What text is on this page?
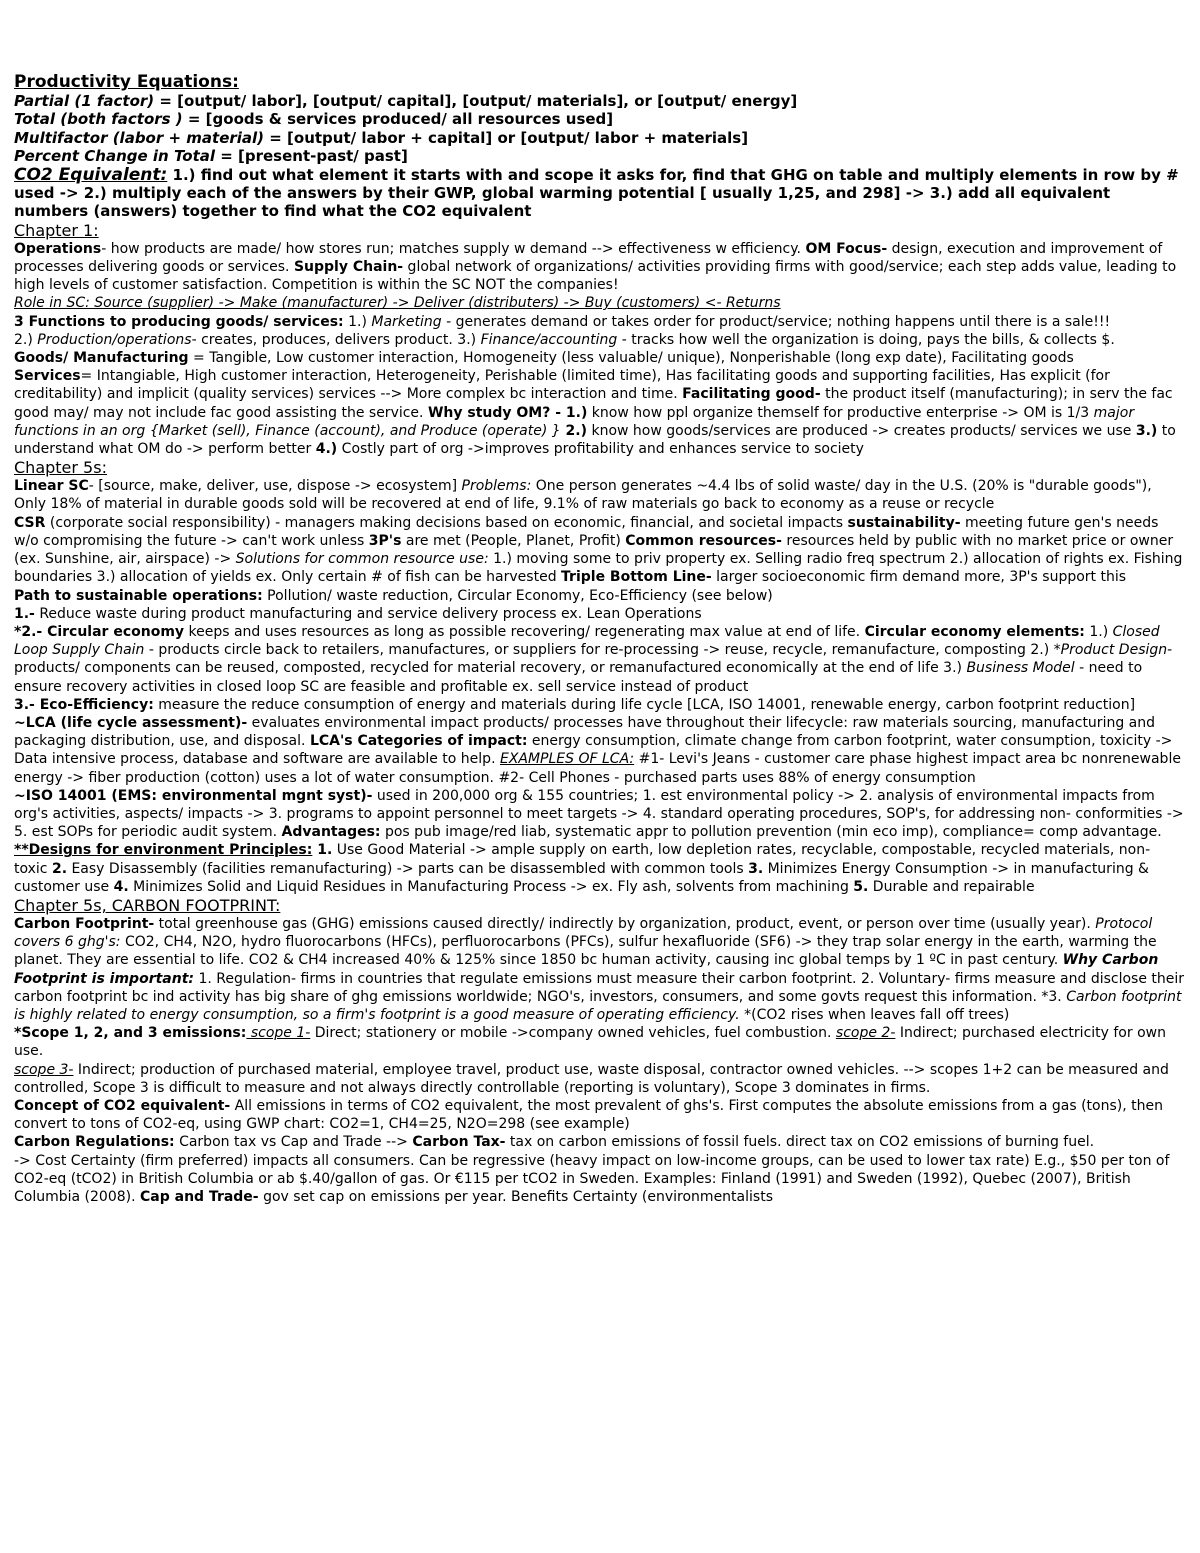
Productivity Equations:

Partial (1 factor) = [output/ labor], [output/ capital], [output/ materials], or [output/ energy]

Total (both factors ) = [goods & services produced/ all resources used]

Multifactor (labor + material) = [output/ labor + capital] or [output/ labor + materials]

Percent Change in Total = [present-past/ past]

CO2 Equivalent: 1.) find out what element it starts with and scope it asks for, find that GHG on table and multiply elements in row by # used -> 2.) multiply each of the answers by their GWP, global warming potential [ usually 1,25, and 298] -> 3.) add all equivalent numbers (answers) together to find what the CO2 equivalent

Chapter 1:

Operations- how products are made/ how stores run; matches supply w demand --> effectiveness w efficiency. OM Focus- design, execution and improvement of processes delivering goods or services. Supply Chain- global network of organizations/ activities providing firms with good/service; each step adds value, leading to high levels of customer satisfaction. Competition is within the SC NOT the companies!

Role in SC: Source (supplier) -> Make (manufacturer) -> Deliver (distributers) -> Buy (customers) <- Returns

3 Functions to producing goods/ services: 1.) Marketing - generates demand or takes order for product/service; nothing happens until there is a sale!!!

2.) Production/operations- creates, produces, delivers product. 3.) Finance/accounting - tracks how well the organization is doing, pays the bills, & collects $.

Goods/ Manufacturing = Tangible, Low customer interaction, Homogeneity (less valuable/ unique), Nonperishable (long exp date), Facilitating goods

Services= Intangiable, High customer interaction, Heterogeneity, Perishable (limited time), Has facilitating goods and supporting facilities, Has explicit (for creditability) and implicit (quality services) services --> More complex bc interaction and time. Facilitating good- the product itself (manufacturing); in serv the fac good may/ may not include fac good assisting the service. Why study OM? - 1.) know how ppl organize themself for productive enterprise -> OM is 1/3 major functions in an org {Market (sell), Finance (account), and Produce (operate) } 2.) know how goods/services are produced -> creates products/ services we use 3.) to understand what OM do -> perform better 4.) Costly part of org ->improves profitability and enhances service to society

Chapter 5s:

Linear SC- [source, make, deliver, use, dispose -> ecosystem] Problems: One person generates ~4.4 lbs of solid waste/ day in the U.S. (20% is "durable goods"), Only 18% of material in durable goods sold will be recovered at end of life, 9.1% of raw materials go back to economy as a reuse or recycle

CSR (corporate social responsibility) - managers making decisions based on economic, financial, and societal impacts sustainability- meeting future gen's needs w/o compromising the future -> can't work unless 3P's are met (People, Planet, Profit) Common resources- resources held by public with no market price or owner (ex. Sunshine, air, airspace) -> Solutions for common resource use: 1.) moving some to priv property ex. Selling radio freq spectrum 2.) allocation of rights ex. Fishing boundaries 3.) allocation of yields ex. Only certain # of fish can be harvested Triple Bottom Line- larger socioeconomic firm demand more, 3P's support this

Path to sustainable operations: Pollution/ waste reduction, Circular Economy, Eco-Efficiency (see below)

1.- Reduce waste during product manufacturing and service delivery process ex. Lean Operations

*2.- Circular economy keeps and uses resources as long as possible recovering/ regenerating max value at end of life. Circular economy elements: 1.) Closed Loop Supply Chain - products circle back to retailers, manufactures, or suppliers for re-processing -> reuse, recycle, remanufacture, composting 2.) *Product Design-products/ components can be reused, composted, recycled for material recovery, or remanufactured economically at the end of life 3.) Business Model - need to ensure recovery activities in closed loop SC are feasible and profitable ex. sell service instead of product

3.- Eco-Efficiency: measure the reduce consumption of energy and materials during life cycle [LCA, ISO 14001, renewable energy, carbon footprint reduction]

~LCA (life cycle assessment)- evaluates environmental impact products/ processes have throughout their lifecycle: raw materials sourcing, manufacturing and packaging distribution, use, and disposal. LCA's Categories of impact: energy consumption, climate change from carbon footprint, water consumption, toxicity -> Data intensive process, database and software are available to help. EXAMPLES OF LCA: #1- Levi's Jeans - customer care phase highest impact area bc nonrenewable energy -> fiber production (cotton) uses a lot of water consumption. #2- Cell Phones - purchased parts uses 88% of energy consumption

~ISO 14001 (EMS: environmental mgnt syst)- used in 200,000 org & 155 countries; 1. est environmental policy -> 2. analysis of environmental impacts from org's activities, aspects/ impacts -> 3. programs to appoint personnel to meet targets -> 4. standard operating procedures, SOP's, for addressing non- conformities ->

5. est SOPs for periodic audit system. Advantages: pos pub image/red liab, systematic appr to pollution prevention (min eco imp), compliance= comp advantage.

**Designs for environment Principles: 1. Use Good Material -> ample supply on earth, low depletion rates, recyclable, compostable, recycled materials, non- toxic 2. Easy Disassembly (facilities remanufacturing) -> parts can be disassembled with common tools 3. Minimizes Energy Consumption -> in manufacturing & customer use 4. Minimizes Solid and Liquid Residues in Manufacturing Process -> ex. Fly ash, solvents from machining 5. Durable and repairable

Chapter 5s, CARBON FOOTPRINT:

Carbon Footprint- total greenhouse gas (GHG) emissions caused directly/ indirectly by organization, product, event, or person over time (usually year). Protocol covers 6 ghg's: CO2, CH4, N2O, hydro fluorocarbons (HFCs), perfluorocarbons (PFCs), sulfur hexafluoride (SF6) -> they trap solar energy in the earth, warming the planet. They are essential to life. CO2 & CH4 increased 40% & 125% since 1850 bc human activity, causing inc global temps by 1 ºC in past century. Why Carbon Footprint is important: 1. Regulation- firms in countries that regulate emissions must measure their carbon footprint. 2. Voluntary- firms measure and disclose their carbon footprint bc ind activity has big share of ghg emissions worldwide; NGO's, investors, consumers, and some govts request this information. *3. Carbon footprint is highly related to energy consumption, so a firm's footprint is a good measure of operating efficiency. *(CO2 rises when leaves fall off trees)

*Scope 1, 2, and 3 emissions: scope 1- Direct; stationery or mobile ->company owned vehicles, fuel combustion. scope 2- Indirect; purchased electricity for own use.

scope 3- Indirect; production of purchased material, employee travel, product use, waste disposal, contractor owned vehicles. --> scopes 1+2 can be measured and controlled, Scope 3 is difficult to measure and not always directly controllable (reporting is voluntary), Scope 3 dominates in firms.

Concept of CO2 equivalent- All emissions in terms of CO2 equivalent, the most prevalent of ghs's. First computes the absolute emissions from a gas (tons), then convert to tons of CO2-eq, using GWP chart: CO2=1, CH4=25, N2O=298 (see example)

Carbon Regulations: Carbon tax vs Cap and Trade --> Carbon Tax- tax on carbon emissions of fossil fuels. direct tax on CO2 emissions of burning fuel.

-> Cost Certainty (firm preferred) impacts all consumers. Can be regressive (heavy impact on low-income groups, can be used to lower tax rate) E.g., $50 per ton of CO2-eq (tCO2) in British Columbia or ab $.40/gallon of gas. Or €115 per tCO2 in Sweden. Examples: Finland (1991) and Sweden (1992), Quebec (2007), British Columbia (2008). Cap and Trade- gov set cap on emissions per year. Benefits Certainty (environmentalists
